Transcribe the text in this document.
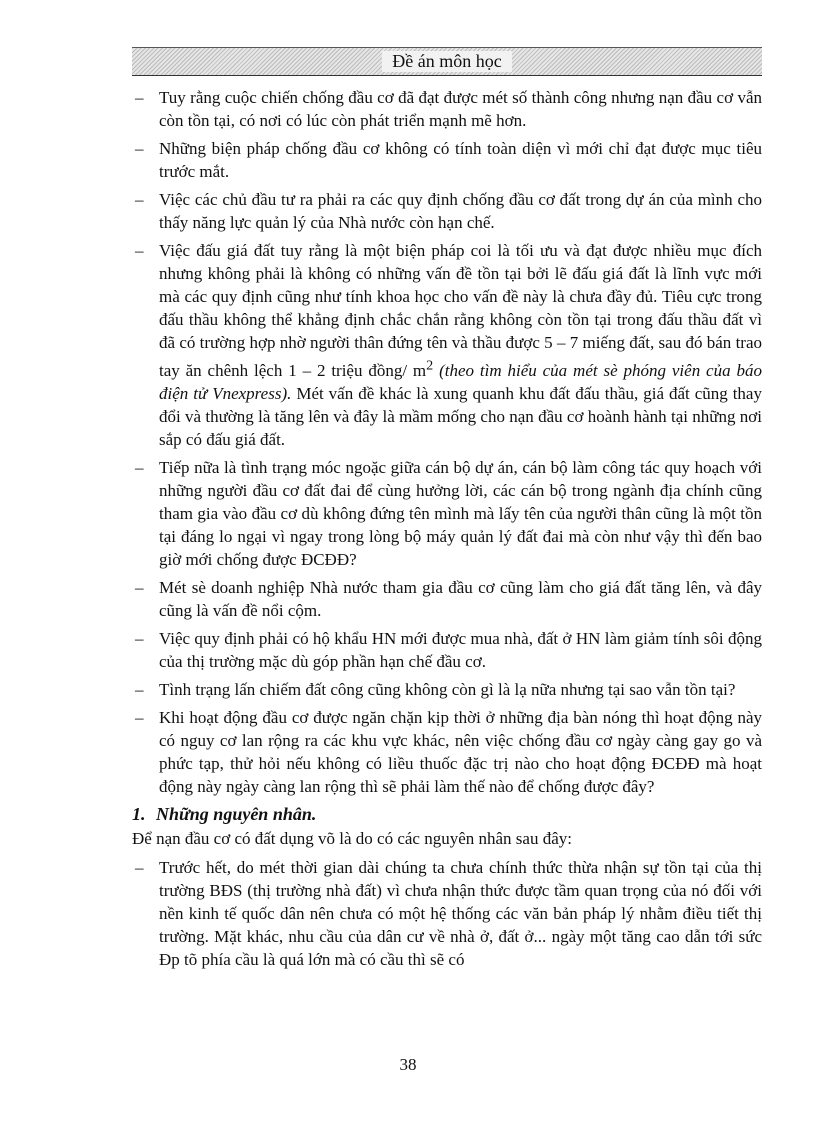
Đề án môn học
– Tuy rằng cuộc chiến chống đầu cơ đã đạt được mét số thành công nhưng nạn đầu cơ vẫn còn tồn tại, có nơi có lúc còn phát triển mạnh mẽ hơn.
– Những biện pháp chống đầu cơ không có tính toàn diện vì mới chỉ đạt được mục tiêu trước mắt.
– Việc các chủ đầu tư ra phải ra các quy định chống đầu cơ đất trong dự án của mình cho thấy năng lực quản lý của Nhà nước còn hạn chế.
– Việc đấu giá đất tuy rằng là một biện pháp coi là tối ưu và đạt được nhiều mục đích nhưng không phải là không có những vấn đề tồn tại bởi lẽ đấu giá đất là lĩnh vực mới mà các quy định cũng như tính khoa học cho vấn đề này là chưa đầy đủ. Tiêu cực trong đấu thầu không thể khẳng định chắc chắn rằng không còn tồn tại trong đấu thầu đất vì đã có trường hợp nhờ người thân đứng tên và thầu được 5 – 7 miếng đất, sau đó bán trao tay ăn chênh lệch 1 – 2 triệu đồng/ $m^2$ (theo tìm hiểu của mét sè phóng viên của báo điện tử Vnexpress). Mét vấn đề khác là xung quanh khu đất đấu thầu, giá đất cũng thay đổi và thường là tăng lên và đây là mầm mống cho nạn đầu cơ hoành hành tại những nơi sắp có đấu giá đất.
– Tiếp nữa là tình trạng móc ngoặc giữa cán bộ dự án, cán bộ làm công tác quy hoạch với những người đầu cơ đất đai để cùng hưởng lời, các cán bộ trong ngành địa chính cũng tham gia vào đầu cơ dù không đứng tên mình mà lấy tên của người thân cũng là một tồn tại đáng lo ngại vì ngay trong lòng bộ máy quản lý đất đai mà còn như vậy thì đến bao giờ mới chống được ĐCĐĐ?
– Mét sè doanh nghiệp Nhà nước tham gia đầu cơ cũng làm cho giá đất tăng lên, và đây cũng là vấn đề nổi cộm.
– Việc quy định phải có hộ khẩu HN mới được mua nhà, đất ở HN làm giảm tính sôi động của thị trường mặc dù góp phần hạn chế đầu cơ.
– Tình trạng lấn chiếm đất công cũng không còn gì là lạ nữa nhưng tại sao vẫn tồn tại?
– Khi hoạt động đầu cơ được ngăn chặn kịp thời ở những địa bàn nóng thì hoạt động này có nguy cơ lan rộng ra các khu vực khác, nên việc chống đầu cơ ngày càng gay go và phức tạp, thử hỏi nếu không có liều thuốc đặc trị nào cho hoạt động ĐCĐĐ mà hoạt động này ngày càng lan rộng thì sẽ phải làm thế nào để chống được đây?
1. Những nguyên nhân.
Để nạn đầu cơ có đất dụng võ là do có các nguyên nhân sau đây:
– Trước hết, do mét thời gian dài chúng ta chưa chính thức thừa nhận sự tồn tại của thị trường BĐS (thị trường nhà đất) vì chưa nhận thức được tầm quan trọng của nó đối với nền kinh tế quốc dân nên chưa có một hệ thống các văn bản pháp lý nhằm điều tiết thị trường. Mặt khác, nhu cầu của dân cư về nhà ở, đất ở... ngày một tăng cao dẫn tới sức Ðp tõ phía cầu là quá lớn mà có cầu thì sẽ có
38
